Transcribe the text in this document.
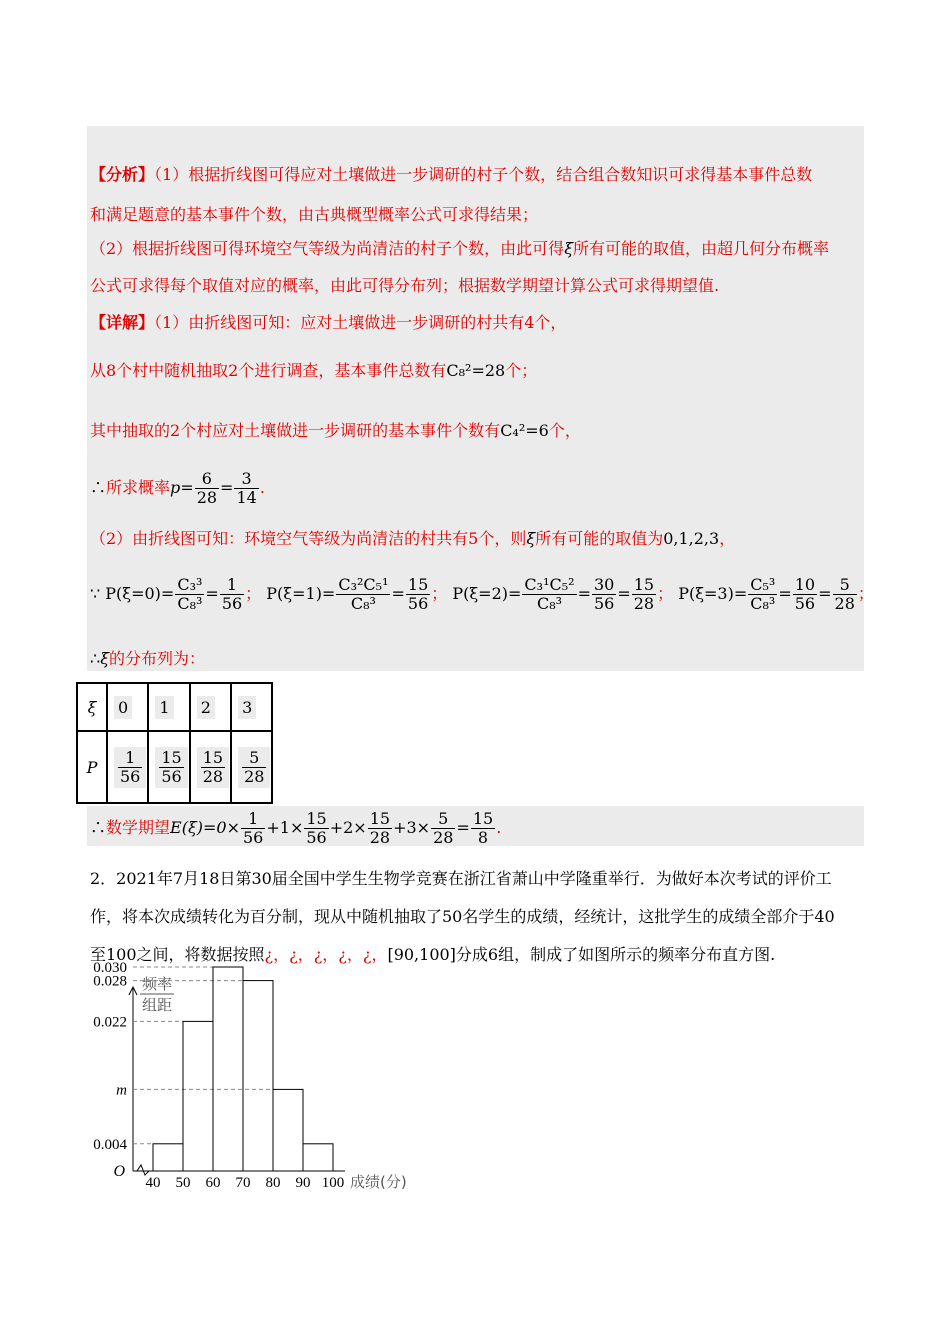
【分析】（1）根据折线图可得应对土壤做进一步调研的村子个数，结合组合数知识可求得基本事件总数
和满足题意的基本事件个数，由古典概型概率公式可求得结果；
（2）根据折线图可得环境空气等级为尚清洁的村子个数，由此可得ξ所有可能的取值，由超几何分布概率
公式可求得每个取值对应的概率，由此可得分布列；根据数学期望计算公式可求得期望值.
【详解】（1）由折线图可知：应对土壤做进一步调研的村共有4个，
从8个村中随机抽取2个进行调查，基本事件总数有C₈²=28个；
其中抽取的2个村应对土壤做进一步调研的基本事件个数有C₄²=6个，
∴所求概率$p= \frac{6}{28} = \frac{3}{14}$ .
（2）由折线图可知：环境空气等级为尚清洁的村共有5个，则ξ所有可能的取值为0,1,2,3，
∵ $P(\xi=0)= \frac{\text{C₃³}}{\text{C₈³}} = \frac{1}{56}$ ； $P(\xi=1)= \frac{\text{C₃²C₅¹}}{\text{C₈³}} = \frac{15}{56}$ ； $P(\xi=2)= \frac{\text{C₃¹C₅²}}{\text{C₈³}} = \frac{30}{56} = \frac{15}{28}$ ； $P(\xi=3)= \frac{\text{C₅³}}{\text{C₈³}} = \frac{10}{56} = \frac{5}{28}$ ；
∴ξ的分布列为：
ξ	0	1	2	3
P	$\frac{1}{56}$	$\frac{15}{56}$	$\frac{15}{28}$	$\frac{5}{28}$
∴数学期望$E(\xi)=0\times \frac{1}{56} +1\times \frac{15}{56} +2\times \frac{15}{28} +3\times \frac{5}{28} = \frac{15}{8}$ .
2．2021年7月18日第30届全国中学生生物学竞赛在浙江省萧山中学隆重举行．为做好本次考试的评价工
作，将本次成绩转化为百分制，现从中随机抽取了50名学生的成绩，经统计，这批学生的成绩全部介于40
至100之间，将数据按照¿，¿，¿，¿，¿，[90,100]分成6组，制成了如图所示的频率分布直方图.
0.030
0.028
0.022
m
0.004
40 50 60 70 80 90 100
O
成绩(分)
频率
组距
